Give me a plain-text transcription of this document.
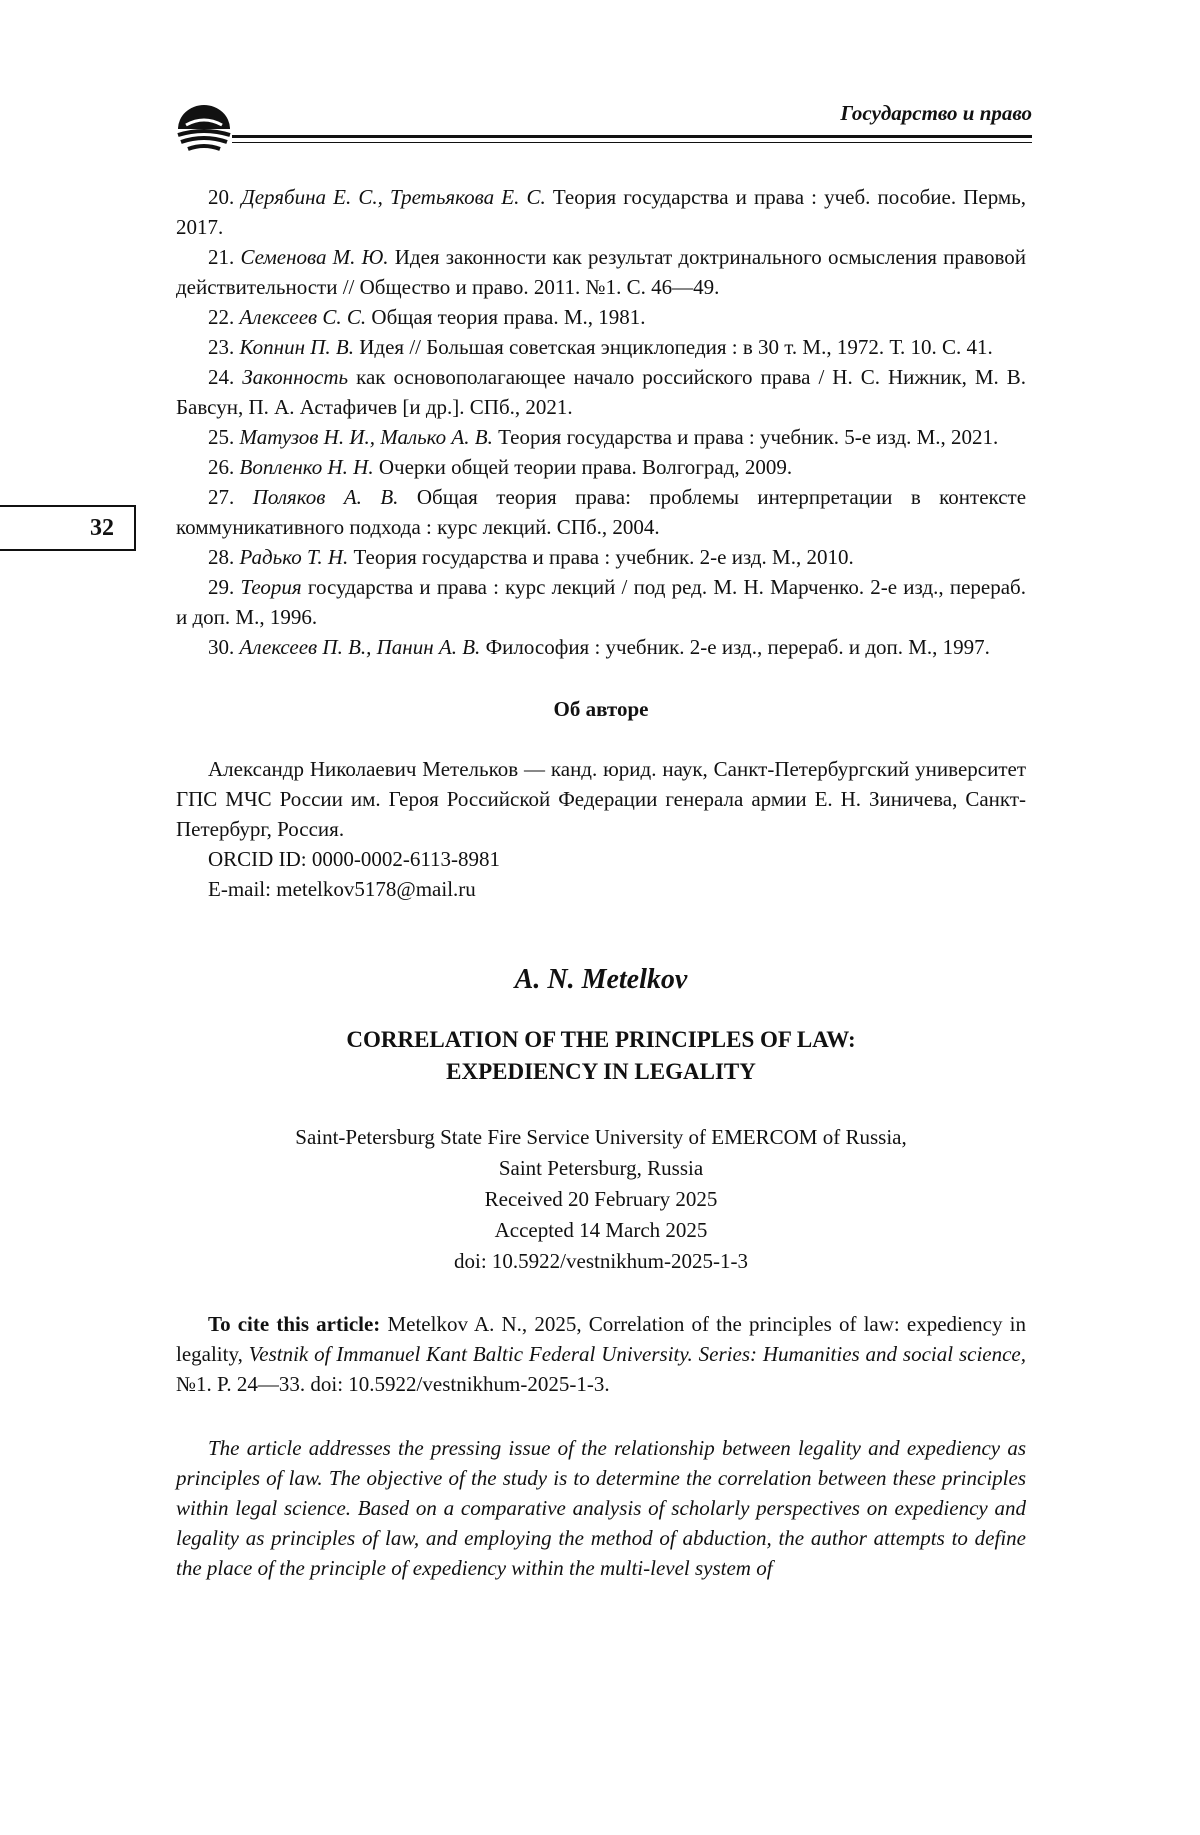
Государство и право
32

20. Дерябина Е. С., Третьякова Е. С. Теория государства и права : учеб. пособие. Пермь, 2017.

21. Семенова М. Ю. Идея законности как результат доктринального осмысления правовой действительности // Общество и право. 2011. №1. С. 46—49.

22. Алексеев С. С. Общая теория права. М., 1981.

23. Копнин П. В. Идея // Большая советская энциклопедия : в 30 т. М., 1972. Т. 10. С. 41.

24. Законность как основополагающее начало российского права / Н. С. Нижник, М. В. Бавсун, П. А. Астафичев [и др.]. СПб., 2021.

25. Матузов Н. И., Малько А. В. Теория государства и права : учебник. 5-е изд. М., 2021.

26. Вопленко Н. Н. Очерки общей теории права. Волгоград, 2009.

27. Поляков А. В. Общая теория права: проблемы интерпретации в контексте коммуникативного подхода : курс лекций. СПб., 2004.

28. Радько Т. Н. Теория государства и права : учебник. 2-е изд. М., 2010.

29. Теория государства и права : курс лекций / под ред. М. Н. Марченко. 2-е изд., перераб. и доп. М., 1996.

30. Алексеев П. В., Панин А. В. Философия : учебник. 2-е изд., перераб. и доп. М., 1997.

Об авторе

Александр Николаевич Метельков — канд. юрид. наук, Санкт-Петербургский университет ГПС МЧС России им. Героя Российской Федерации генерала армии Е. Н. Зиничева, Санкт-Петербург, Россия.

ORCID ID: 0000-0002-6113-8981

E-mail: metelkov5178@mail.ru

A. N. Metelkov
CORRELATION OF THE PRINCIPLES OF LAW:
EXPEDIENCY IN LEGALITY
Saint-Petersburg State Fire Service University of EMERCOM of Russia,
Saint Petersburg, Russia
Received 20 February 2025
Accepted 14 March 2025
doi: 10.5922/vestnikhum-2025-1-3
To cite this article: Metelkov A. N., 2025, Correlation of the principles of law: expediency in legality, Vestnik of Immanuel Kant Baltic Federal University. Series: Humanities and social science, №1. P. 24—33. doi: 10.5922/vestnikhum-2025-1-3.
The article addresses the pressing issue of the relationship between legality and expediency as principles of law. The objective of the study is to determine the correlation between these principles within legal science. Based on a comparative analysis of scholarly perspectives on expediency and legality as principles of law, and employing the method of abduction, the author attempts to define the place of the principle of expediency within the multi-level system of
